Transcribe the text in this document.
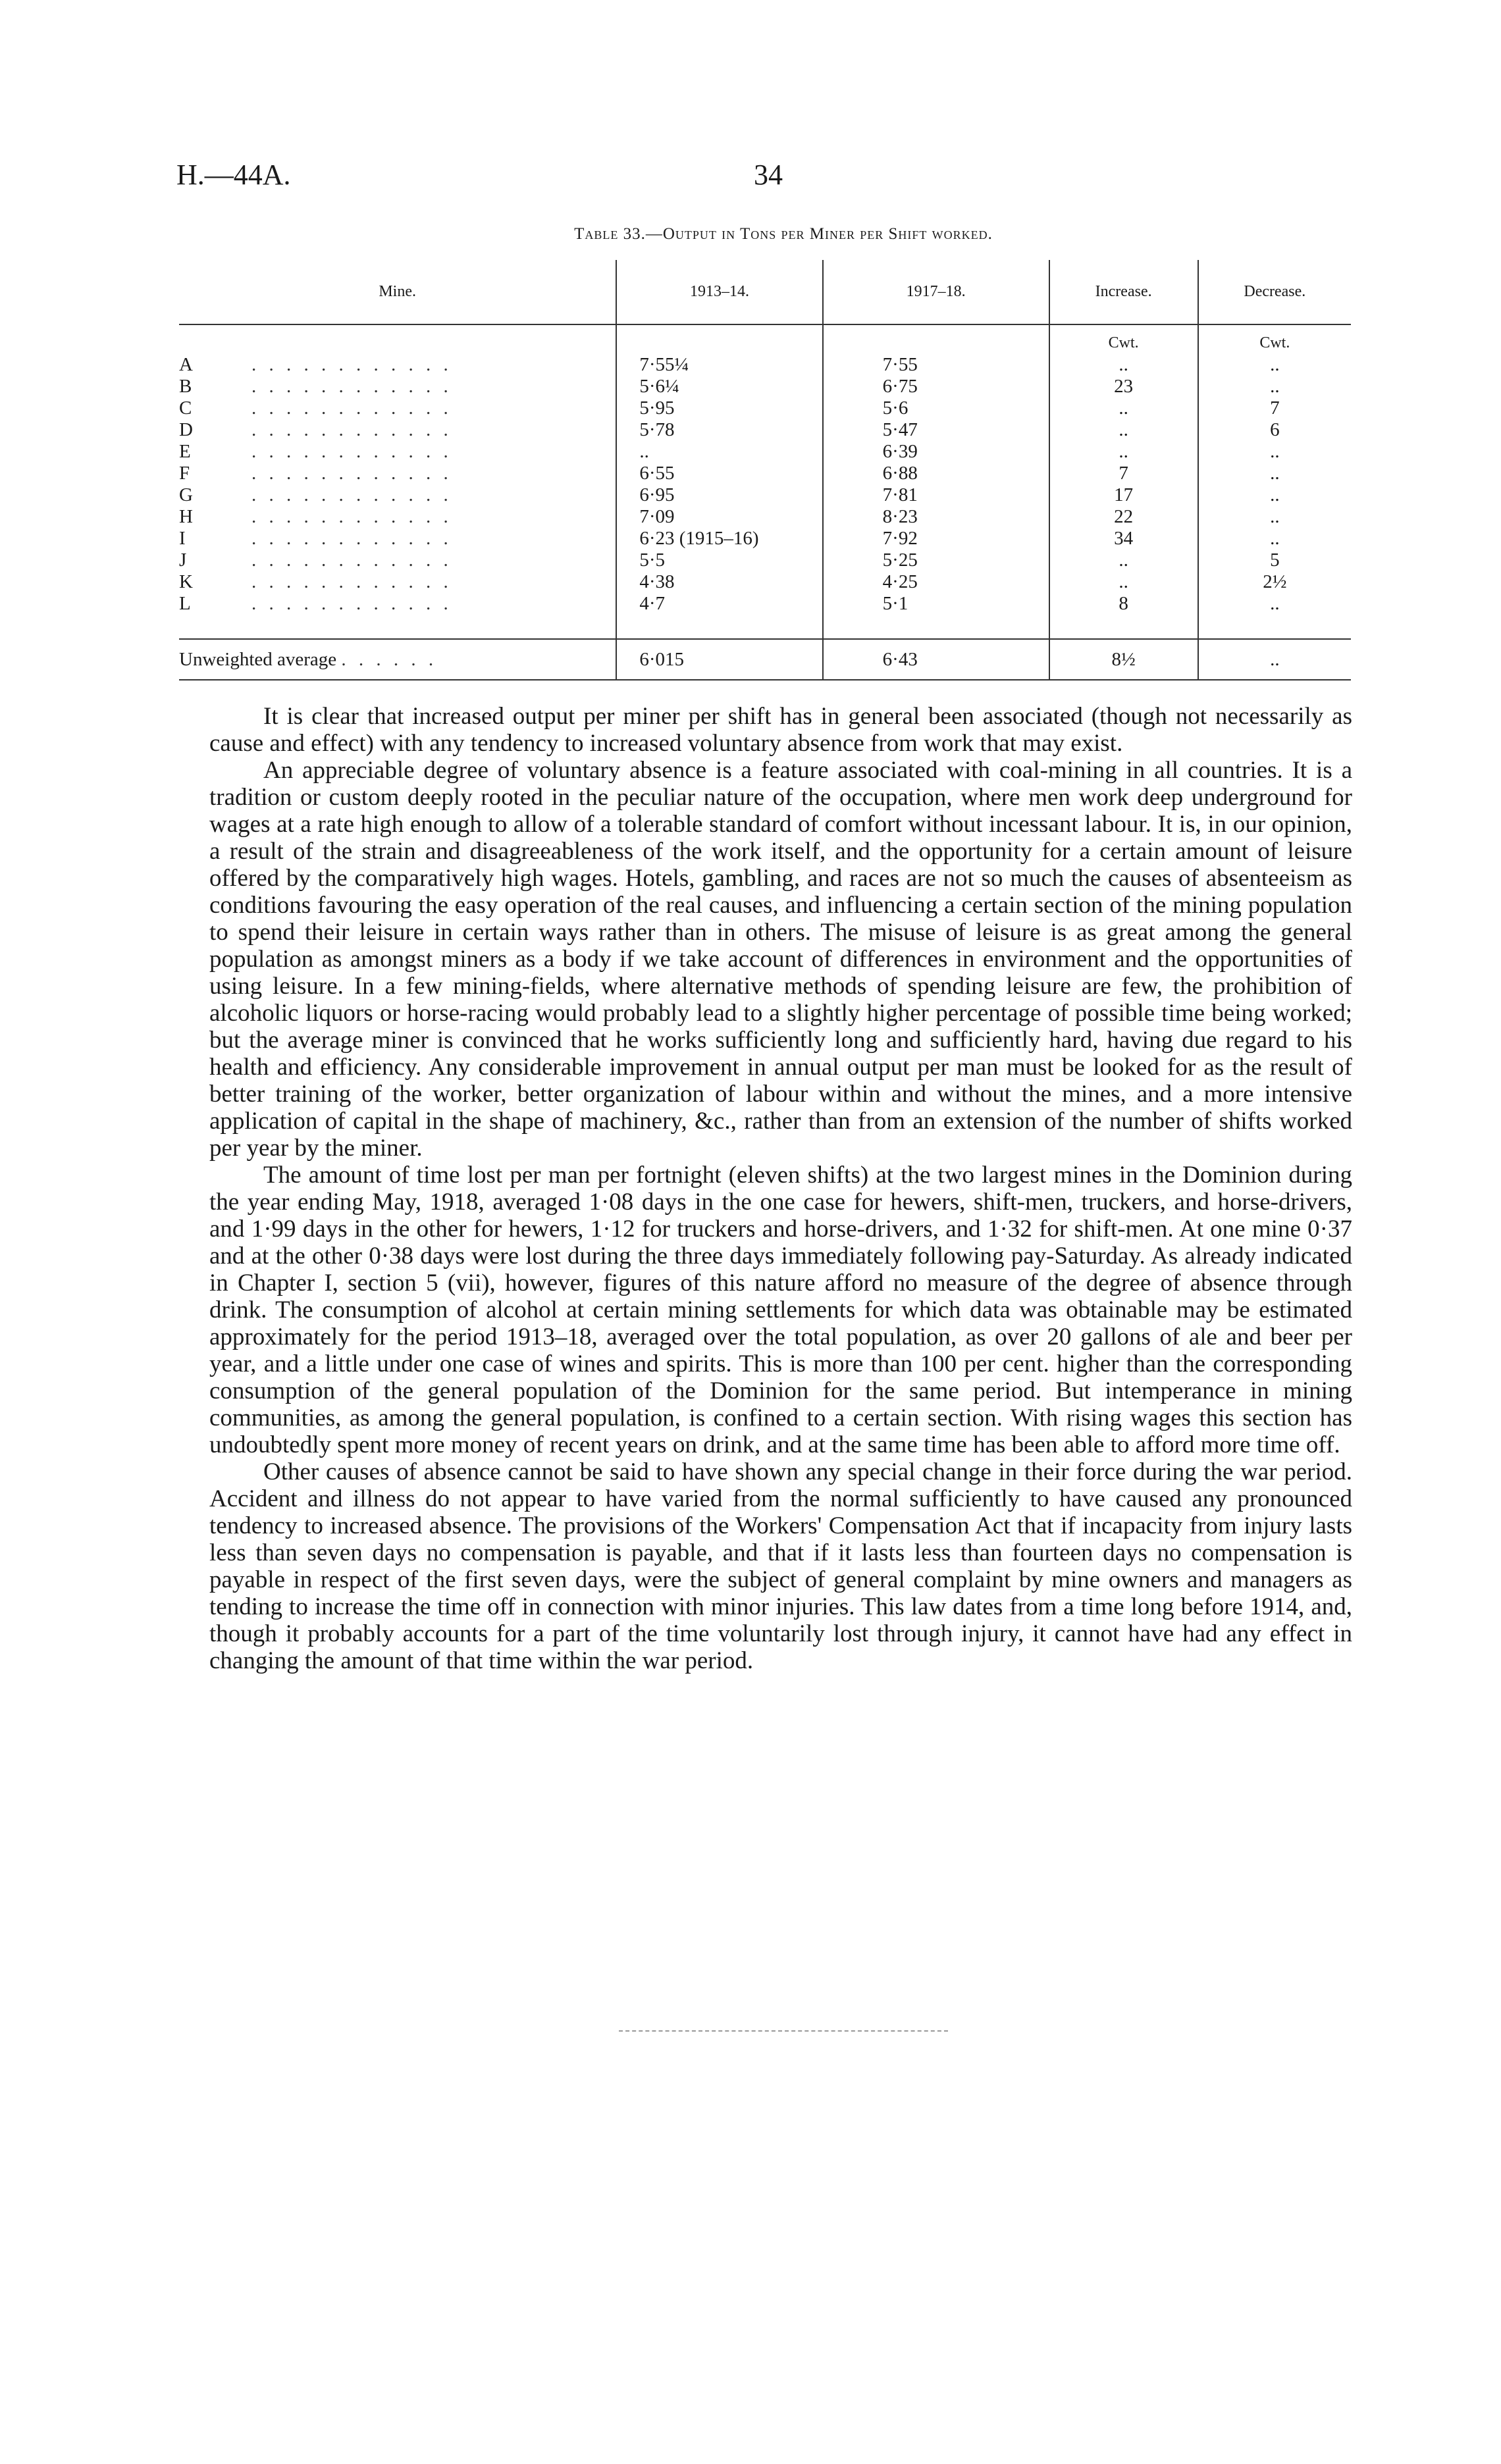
H.—44A.	34
Table 33.—Output in Tons per Miner per Shift worked.
Mine.	1913–14.	1917–18.	Increase.	Decrease.
			Cwt.	Cwt.
A . . . . . . . . . . . .	7·55¼	7·55	..	..
B . . . . . . . . . . . .	5·6¼	6·75	23	..
C . . . . . . . . . . . .	5·95	5·6	..	7
D . . . . . . . . . . . .	5·78	5·47	..	6
E . . . . . . . . . . . .	..	6·39	..	..
F . . . . . . . . . . . .	6·55	6·88	7	..
G . . . . . . . . . . . .	6·95	7·81	17	..
H . . . . . . . . . . . .	7·09	8·23	22	..
I . . . . . . . . . . . .	6·23 (1915–16)	7·92	34	..
J . . . . . . . . . . . .	5·5	5·25	..	5
K . . . . . . . . . . . .	4·38	4·25	..	2½
L . . . . . . . . . . . .	4·7	5·1	8	..

Unweighted average . . . . . .	6·015	6·43	8½	..

It is clear that increased output per miner per shift has in general been associated (though not necessarily as cause and effect) with any tendency to increased voluntary absence from work that may exist.

An appreciable degree of voluntary absence is a feature associated with coal-mining in all countries. It is a tradition or custom deeply rooted in the peculiar nature of the occupation, where men work deep underground for wages at a rate high enough to allow of a tolerable standard of comfort without incessant labour. It is, in our opinion, a result of the strain and disagreeableness of the work itself, and the opportunity for a certain amount of leisure offered by the comparatively high wages. Hotels, gambling, and races are not so much the causes of absenteeism as conditions favouring the easy operation of the real causes, and influencing a certain section of the mining population to spend their leisure in certain ways rather than in others. The misuse of leisure is as great among the general population as amongst miners as a body if we take account of differences in environment and the opportunities of using leisure. In a few mining-fields, where alternative methods of spending leisure are few, the prohibition of alcoholic liquors or horse-racing would probably lead to a slightly higher percentage of possible time being worked; but the average miner is convinced that he works sufficiently long and sufficiently hard, having due regard to his health and efficiency. Any considerable improvement in annual output per man must be looked for as the result of better training of the worker, better organization of labour within and without the mines, and a more intensive application of capital in the shape of machinery, &c., rather than from an extension of the number of shifts worked per year by the miner.

The amount of time lost per man per fortnight (eleven shifts) at the two largest mines in the Dominion during the year ending May, 1918, averaged 1·08 days in the one case for hewers, shift-men, truckers, and horse-drivers, and 1·99 days in the other for hewers, 1·12 for truckers and horse-drivers, and 1·32 for shift-men. At one mine 0·37 and at the other 0·38 days were lost during the three days immediately following pay-Saturday. As already indicated in Chapter I, section 5 (vii), however, figures of this nature afford no measure of the degree of absence through drink. The consumption of alcohol at certain mining settlements for which data was obtainable may be estimated approximately for the period 1913–18, averaged over the total population, as over 20 gallons of ale and beer per year, and a little under one case of wines and spirits. This is more than 100 per cent. higher than the corresponding consumption of the general population of the Dominion for the same period. But intemperance in mining communities, as among the general population, is confined to a certain section. With rising wages this section has undoubtedly spent more money of recent years on drink, and at the same time has been able to afford more time off.

Other causes of absence cannot be said to have shown any special change in their force during the war period. Accident and illness do not appear to have varied from the normal sufficiently to have caused any pronounced tendency to increased absence. The provisions of the Workers' Compensation Act that if incapacity from injury lasts less than seven days no compensation is payable, and that if it lasts less than fourteen days no compensation is payable in respect of the first seven days, were the subject of general complaint by mine owners and managers as tending to increase the time off in connection with minor injuries. This law dates from a time long before 1914, and, though it probably accounts for a part of the time voluntarily lost through injury, it cannot have had any effect in changing the amount of that time within the war period.
